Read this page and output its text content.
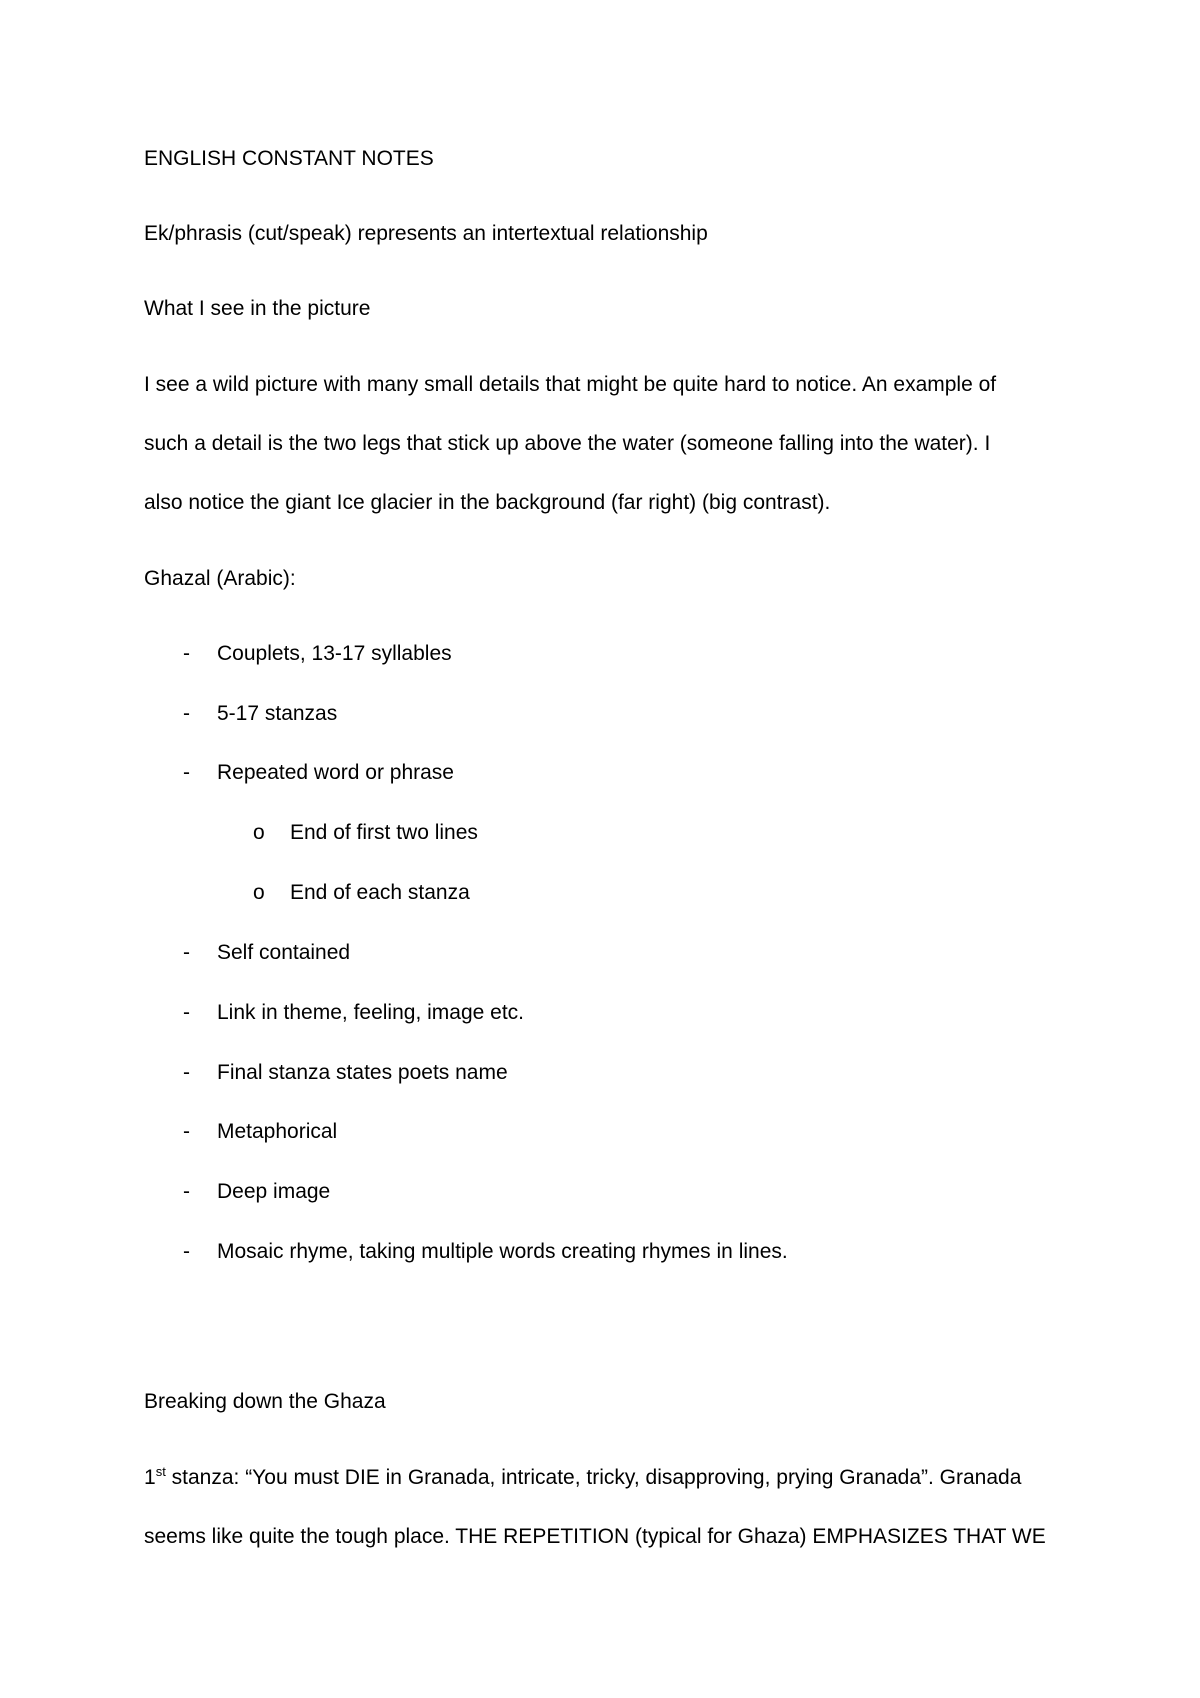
ENGLISH CONSTANT NOTES

Ek/phrasis (cut/speak) represents an intertextual relationship

What I see in the picture

I see a wild picture with many small details that might be quite hard to notice. An example of

such a detail is the two legs that stick up above the water (someone falling into the water). I

also notice the giant Ice glacier in the background (far right) (big contrast).

Ghazal (Arabic):

- Couplets, 13-17 syllables
- 5-17 stanzas
- Repeated word or phrase
o End of first two lines
o End of each stanza
- Self contained
- Link in theme, feeling, image etc.
- Final stanza states poets name
- Metaphorical
- Deep image
- Mosaic rhyme, taking multiple words creating rhymes in lines.

Breaking down the Ghaza

1st stanza: “You must DIE in Granada, intricate, tricky, disapproving, prying Granada”. Granada

seems like quite the tough place. THE REPETITION (typical for Ghaza) EMPHASIZES THAT WE
